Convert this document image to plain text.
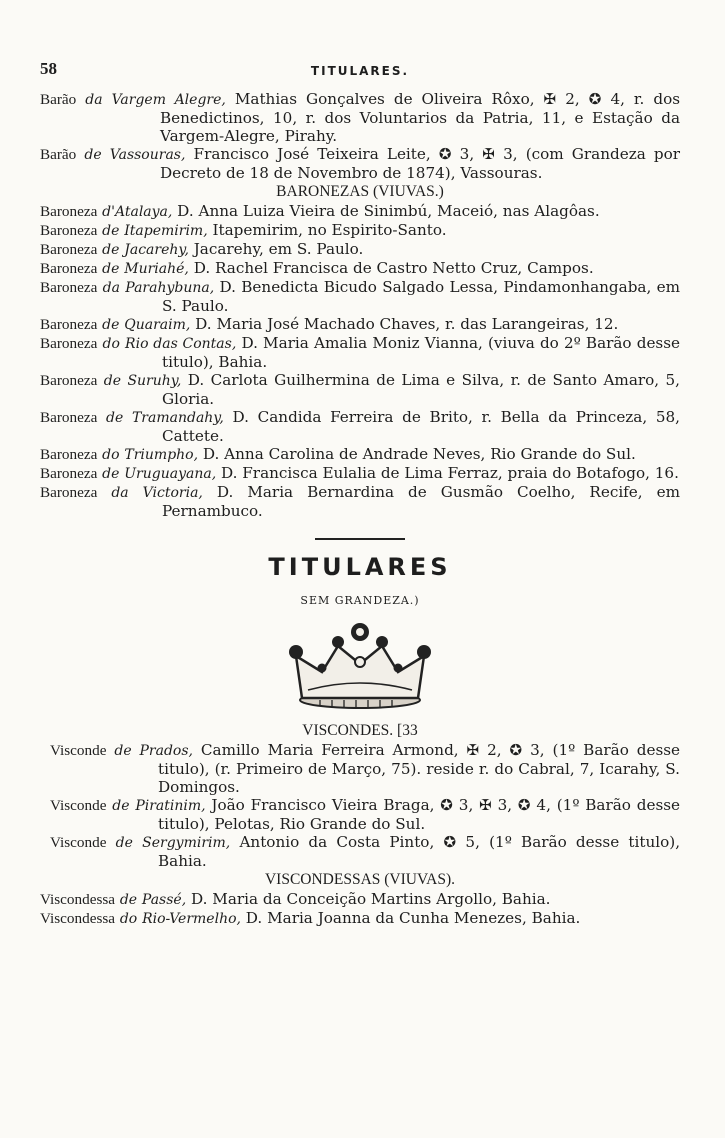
58	TITULARES.

Barão da Vargem Alegre, Mathias Gonçalves de Oliveira Rôxo, ✠ 2, ✪ 4, r. dos Benedictinos, 10, r. dos Voluntarios da Patria, 11, e Estação da Vargem-Alegre, Pirahy.

Barão de Vassouras, Francisco José Teixeira Leite, ✪ 3, ✠ 3, (com Grandeza por Decreto de 18 de Novembro de 1874), Vassouras.

BARONEZAS (VIUVAS.)

Baroneza d'Atalaya, D. Anna Luiza Vieira de Sinimbú, Maceió, nas Alagôas.

Baroneza de Itapemirim, Itapemirim, no Espirito-Santo.

Baroneza de Jacarehy, Jacarehy, em S. Paulo.

Baroneza de Muriahé, D. Rachel Francisca de Castro Netto Cruz, Campos.

Baroneza da Parahybuna, D. Benedicta Bicudo Salgado Lessa, Pindamonhangaba, em S. Paulo.

Baroneza de Quaraim, D. Maria José Machado Chaves, r. das Larangeiras, 12.

Baroneza do Rio das Contas, D. Maria Amalia Moniz Vianna, (viuva do 2º Barão desse titulo), Bahia.

Baroneza de Suruhy, D. Carlota Guilhermina de Lima e Silva, r. de Santo Amaro, 5, Gloria.

Baroneza de Tramandahy, D. Candida Ferreira de Brito, r. Bella da Princeza, 58, Cattete.

Baroneza do Triumpho, D. Anna Carolina de Andrade Neves, Rio Grande do Sul.

Baroneza de Uruguayana, D. Francisca Eulalia de Lima Ferraz, praia do Botafogo, 16.

Baroneza da Victoria, D. Maria Bernardina de Gusmão Coelho, Recife, em Pernambuco.

TITULARES
SEM GRANDEZA.)
VISCONDES. [33

Visconde de Prados, Camillo Maria Ferreira Armond, ✠ 2, ✪ 3, (1º Barão desse titulo), (r. Primeiro de Março, 75). reside r. do Cabral, 7, Icarahy, S. Domingos.

Visconde de Piratinim, João Francisco Vieira Braga, ✪ 3, ✠ 3, ✪ 4, (1º Barão desse titulo), Pelotas, Rio Grande do Sul.

Visconde de Sergymirim, Antonio da Costa Pinto, ✪ 5, (1º Barão desse titulo), Bahia.

VISCONDESSAS (VIUVAS).

Viscondessa de Passé, D. Maria da Conceição Martins Argollo, Bahia.

Viscondessa do Rio-Vermelho, D. Maria Joanna da Cunha Menezes, Bahia.
